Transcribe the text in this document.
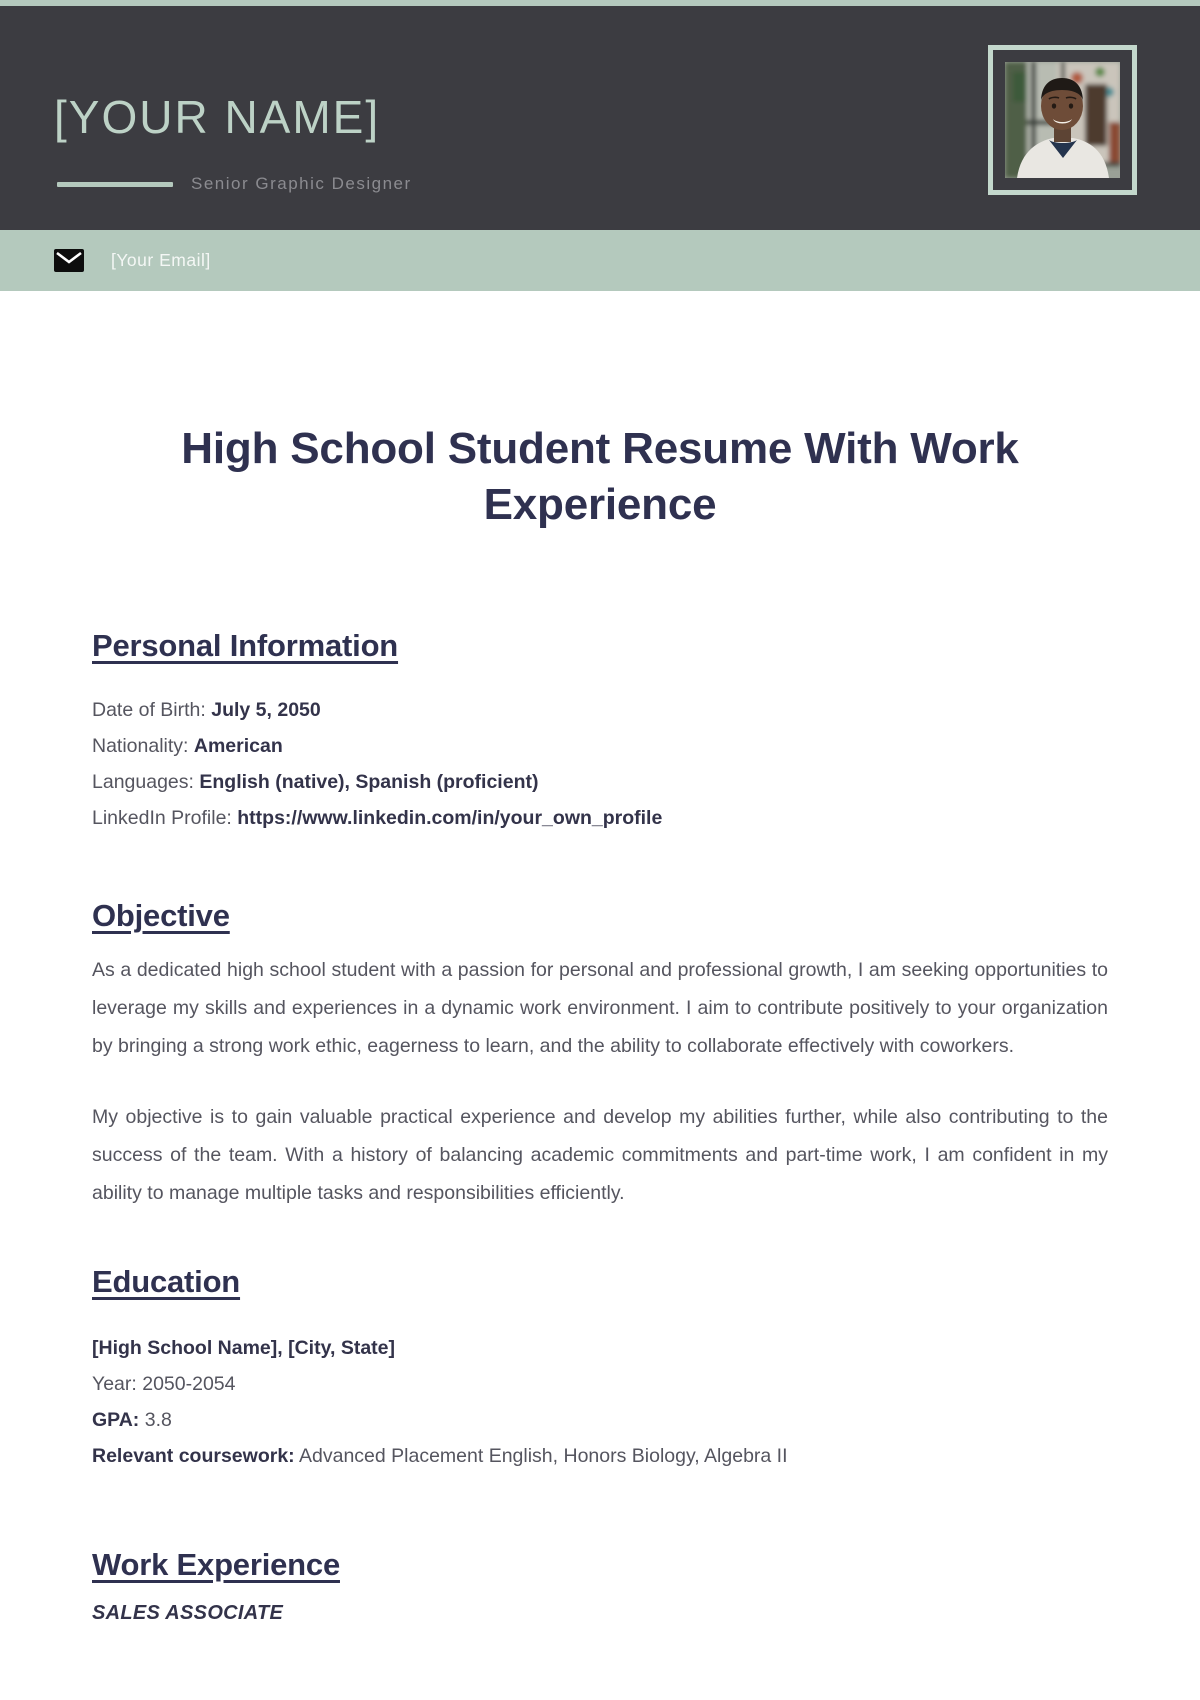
[YOUR NAME]
Senior Graphic Designer
[Your Email]
High School Student Resume With Work Experience
Personal Information
Date of Birth: July 5, 2050
Nationality: American
Languages: English (native), Spanish (proficient)
LinkedIn Profile: https://www.linkedin.com/in/your_own_profile
Objective

As a dedicated high school student with a passion for personal and professional growth, I am seeking opportunities to leverage my skills and experiences in a dynamic work environment. I aim to contribute positively to your organization by bringing a strong work ethic, eagerness to learn, and the ability to collaborate effectively with coworkers.

My objective is to gain valuable practical experience and develop my abilities further, while also contributing to the success of the team. With a history of balancing academic commitments and part-time work, I am confident in my ability to manage multiple tasks and responsibilities efficiently.

Education
[High School Name], [City, State]
Year: 2050-2054
GPA: 3.8
Relevant coursework: Advanced Placement English, Honors Biology, Algebra II
Work Experience
SALES ASSOCIATE
